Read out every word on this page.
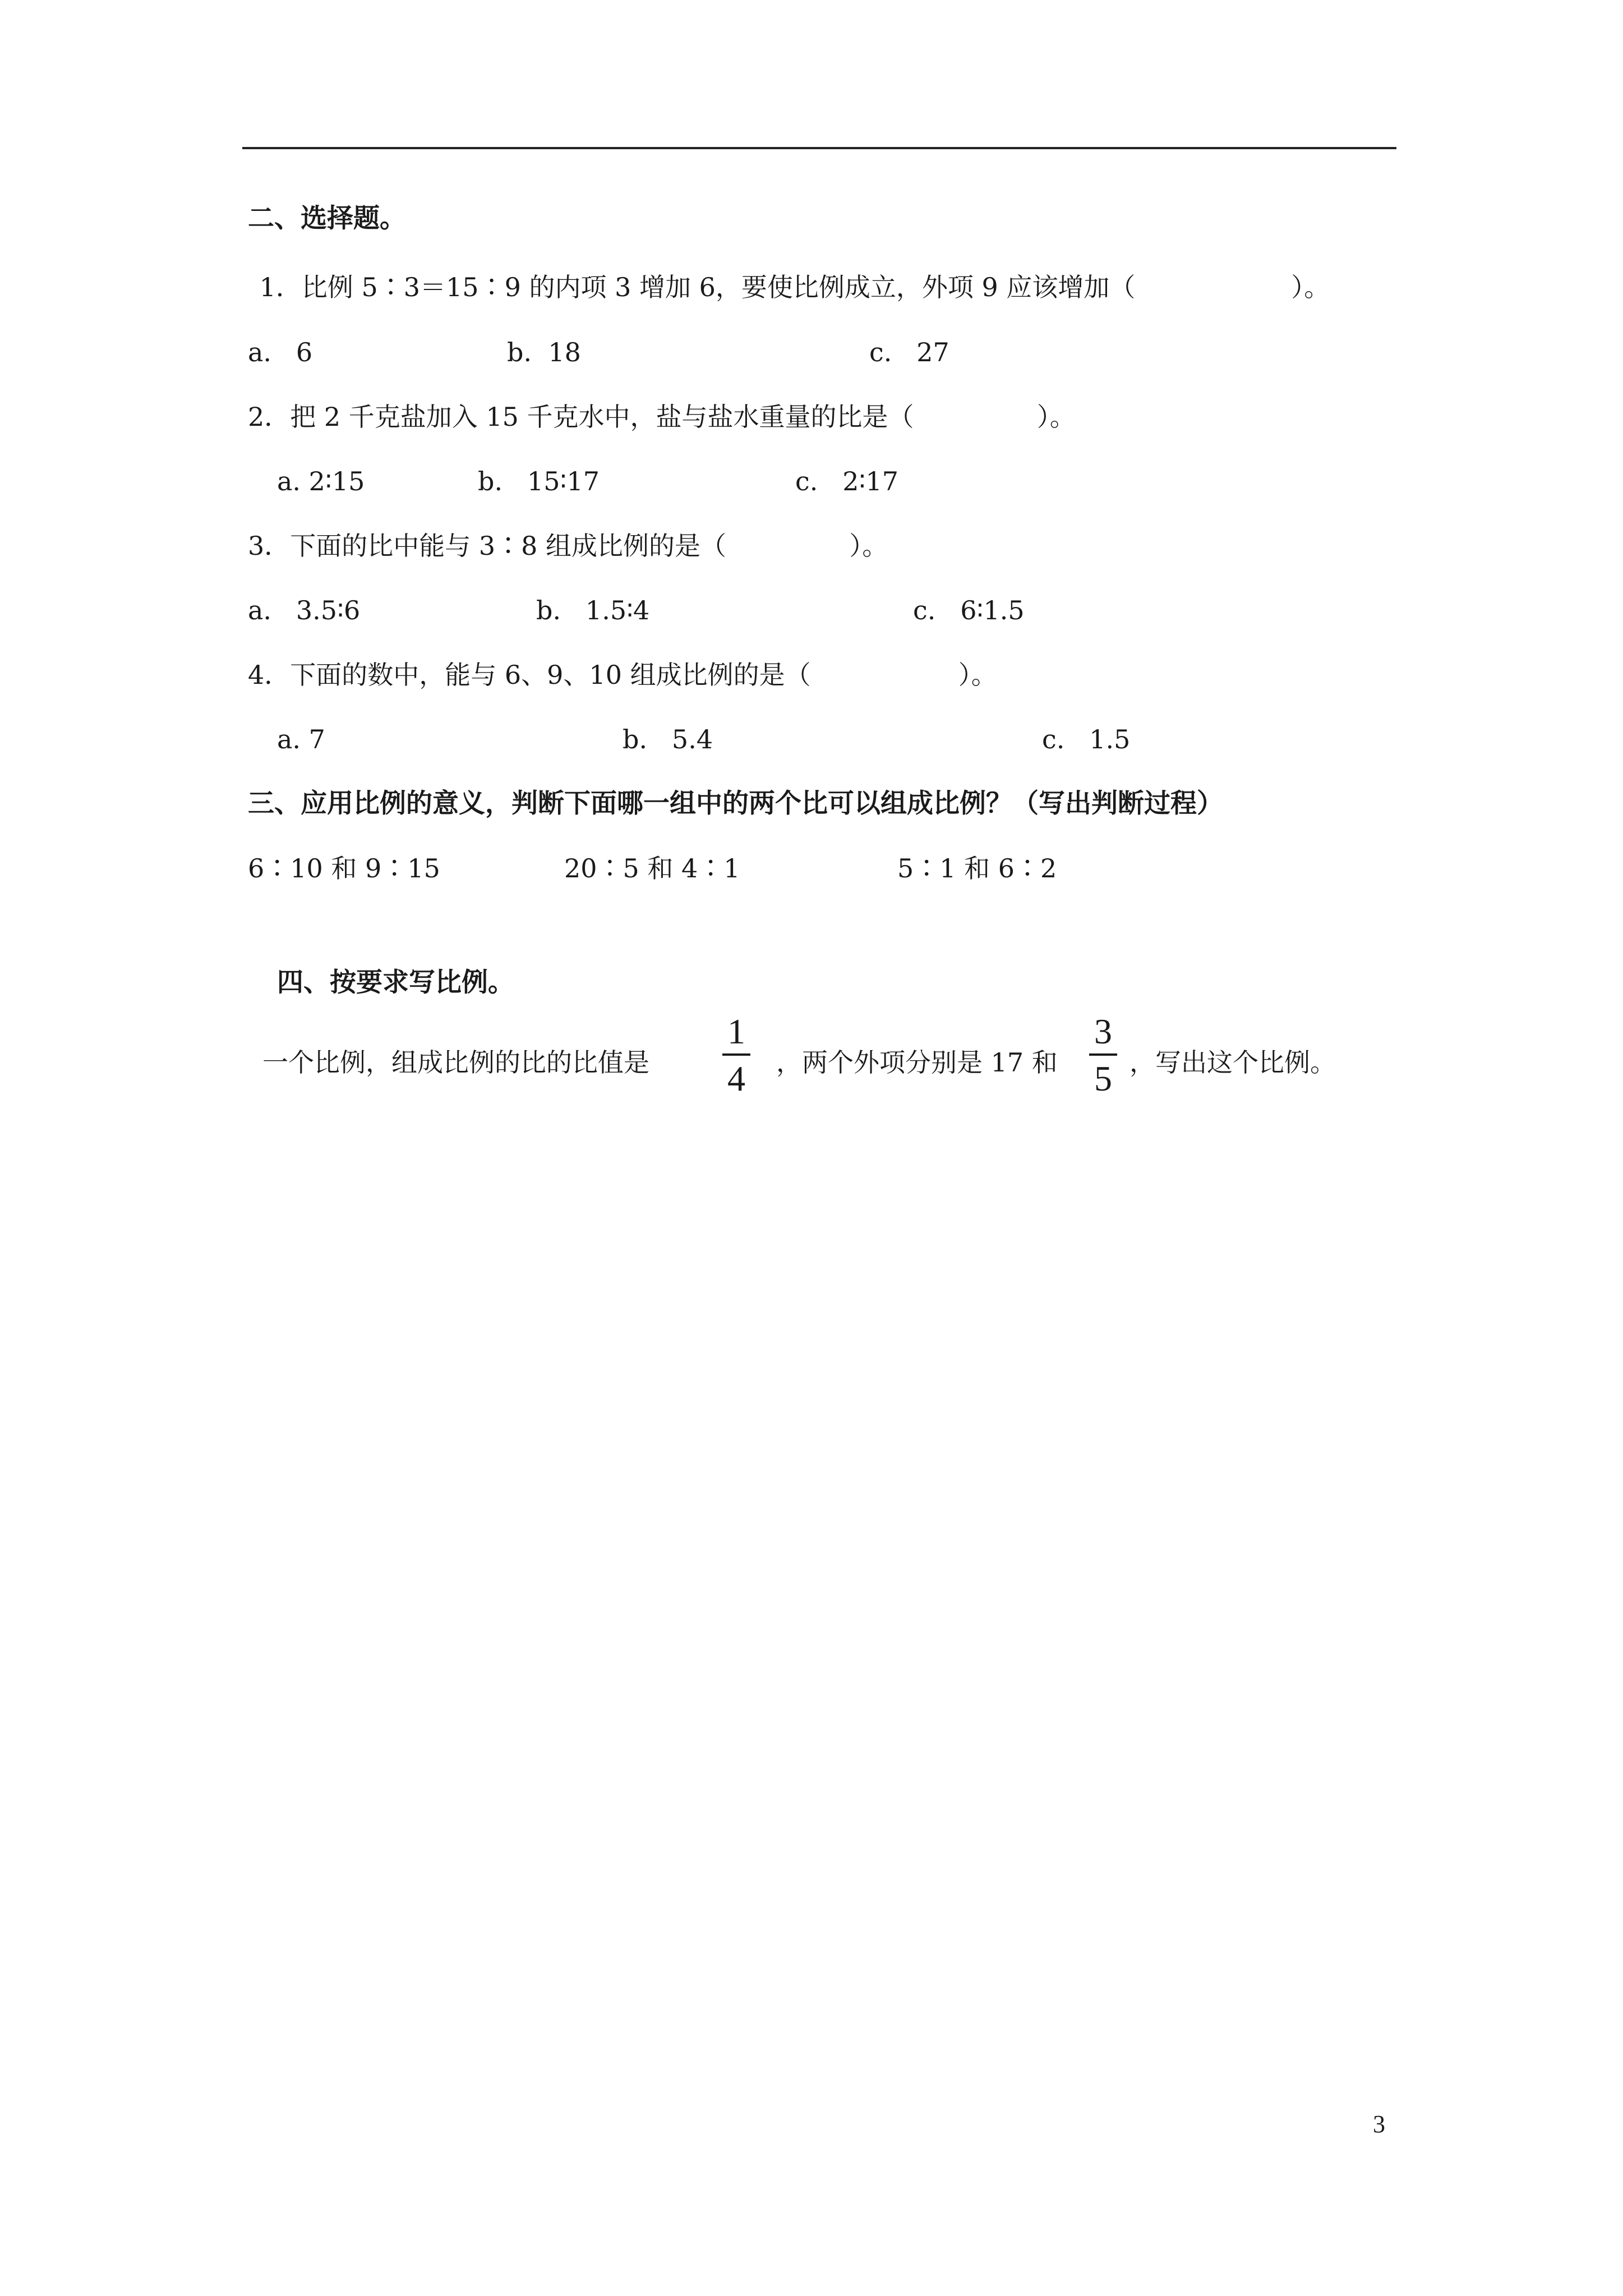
二、选择题。
1．比例 5∶3＝15∶9 的内项 3 增加 6，要使比例成立，外项 9 应该增加（                   ）。
a.   6	b.  18	c.   27
2．把 2 千克盐加入 15 千克水中，盐与盐水重量的比是（               ）。
a. 2∶15	b.   15∶17	c.   2∶17
3．下面的比中能与 3∶8 组成比例的是（               ）。
a.   3.5∶6	b.   1.5∶4	c.   6∶1.5
4．下面的数中，能与 6、9、10 组成比例的是（                  ）。
a. 7	b.   5.4	c.   1.5
三、应用比例的意义，判断下面哪一组中的两个比可以组成比例？（写出判断过程）
6∶10 和 9∶15	20∶5 和 4∶1	5∶1 和 6∶2
四、按要求写比例。
一个比例，组成比例的比的比值是
1
4 ，两个外项分别是 17 和
3
5 ，写出这个比例。
3
